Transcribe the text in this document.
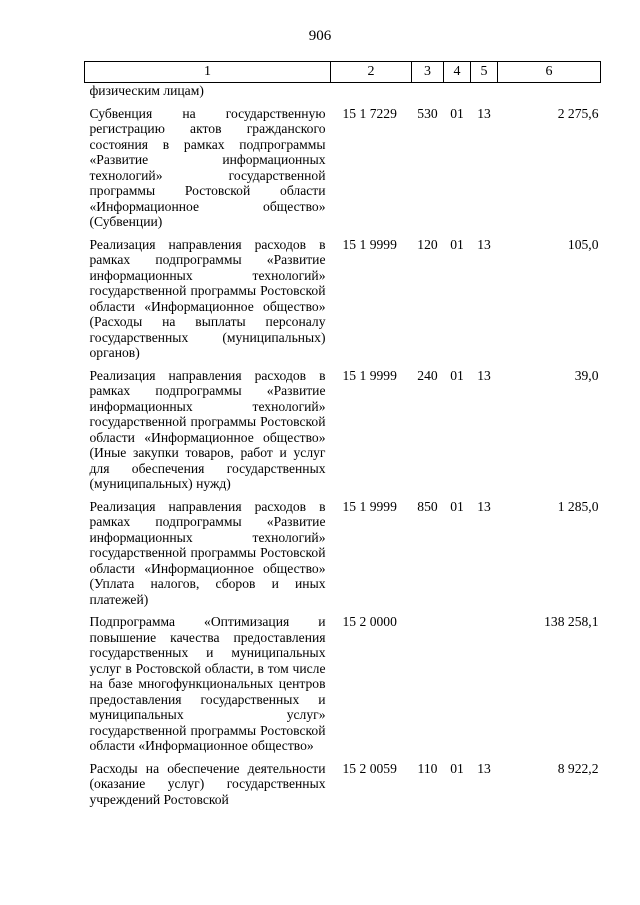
906
1	2	3	4	5	6
физическим лицам)					
Субвенция на государственную регистрацию актов гражданского состояния в рамках подпрограммы «Развитие информационных технологий» государственной программы Ростовской области «Информационное общество» (Субвенции)	15 1 7229	530	01	13	2 275,6
Реализация направления расходов в рамках подпрограммы «Развитие информационных технологий» государственной программы Ростовской области «Информационное общество» (Расходы на выплаты персоналу государственных (муниципальных) органов)	15 1 9999	120	01	13	105,0
Реализация направления расходов в рамках подпрограммы «Развитие информационных технологий» государственной программы Ростовской области «Информационное общество» (Иные закупки товаров, работ и услуг для обеспечения государственных (муниципальных) нужд)	15 1 9999	240	01	13	39,0
Реализация направления расходов в рамках подпрограммы «Развитие информационных технологий» государственной программы Ростовской области «Информационное общество» (Уплата налогов, сборов и иных платежей)	15 1 9999	850	01	13	1 285,0
Подпрограмма «Оптимизация и повышение качества предоставления государственных и муниципальных услуг в Ростовской области, в том числе на базе многофункциональных центров предоставления государственных и муниципальных услуг» государственной программы Ростовской области «Информационное общество»	15 2 0000				138 258,1
Расходы на обеспечение деятельности (оказание услуг) государственных учреждений Ростовской	15 2 0059	110	01	13	8 922,2
